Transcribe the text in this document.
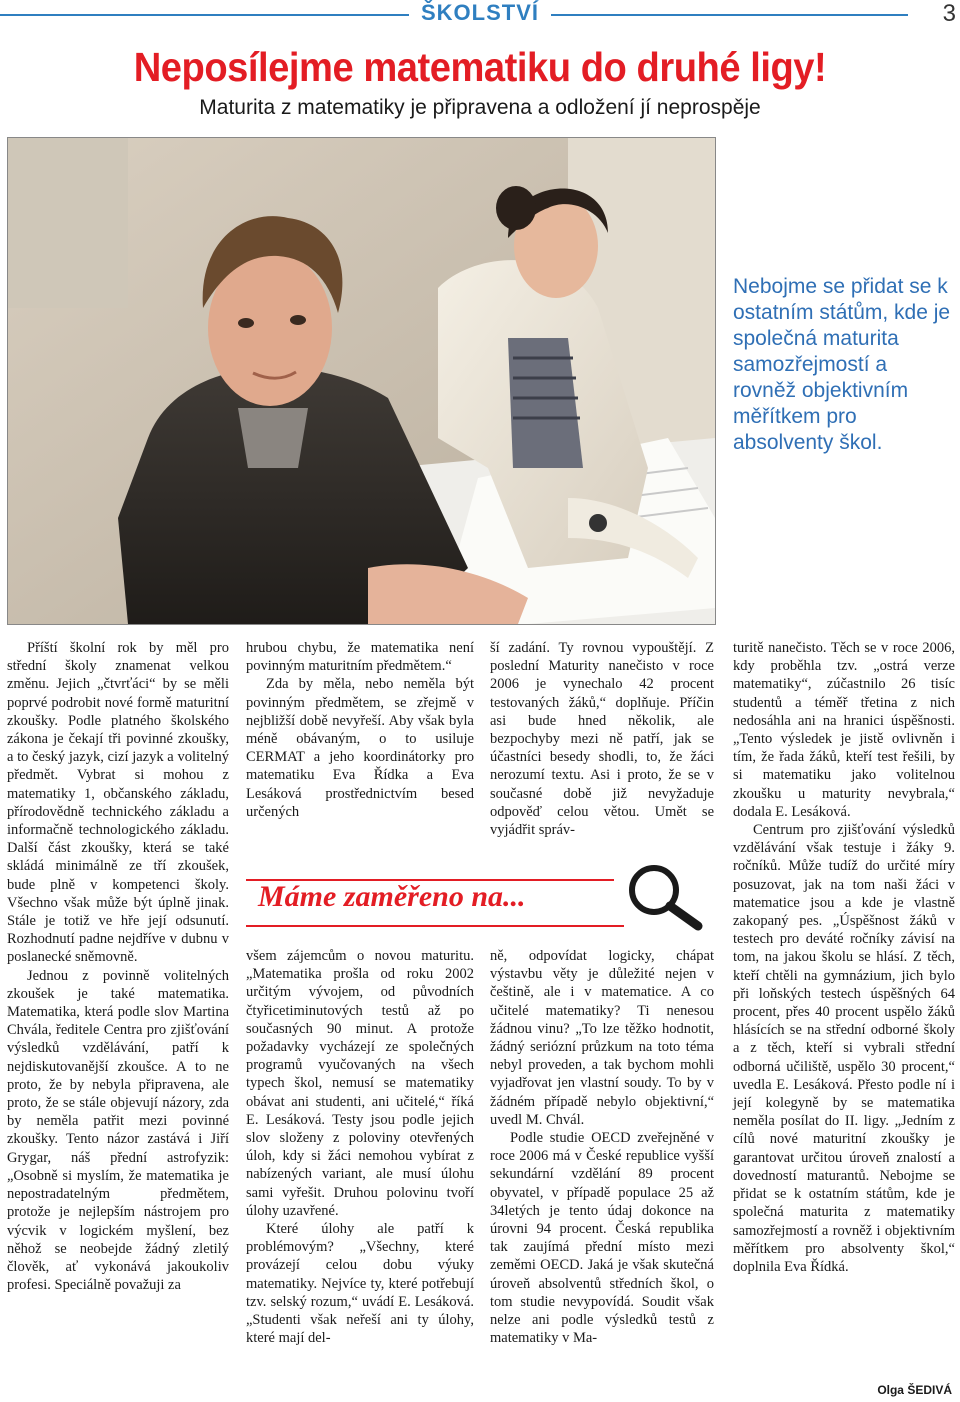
ŠKOLSTVÍ	3
Neposílejme matematiku do druhé ligy!
Maturita z matematiky je připravena a odložení jí neprospěje
Nebojme se přidat se k ostatním státům, kde je společná maturita samozřejmostí a rovněž objektivním měřítkem pro absolventy škol.

Příští školní rok by měl pro střední školy znamenat velkou změnu. Jejich „čtvrťáci“ by se měli poprvé podrobit nové formě maturitní zkoušky. Podle platného školského zákona je čekají tři povinné zkoušky, a to český jazyk, cizí jazyk a volitelný předmět. Vybrat si mohou z matematiky 1, občanského základu, přírodovědně technického základu a informačně technologického základu. Další část zkoušky, která se také skládá minimálně ze tří zkoušek, bude plně v kompetenci školy. Všechno však může být úplně jinak. Stále je totiž ve hře její odsunutí. Rozhodnutí padne nejdříve v dubnu v poslanecké sněmovně.

Jednou z povinně volitelných zkoušek je také matematika. Matematika, která podle slov Martina Chvála, ředitele Centra pro zjišťování výsledků vzdělávání, patří k nejdiskutovanější zkoušce. A to ne proto, že by nebyla připravena, ale proto, že se stále objevují názory, zda by neměla patřit mezi povinné zkoušky. Tento názor zastává i Jiří Grygar, náš přední astrofyzik: „Osobně si myslím, že matematika je nepostradatelným předmětem, protože je nejlepším nástrojem pro výcvik v logickém myšlení, bez něhož se neobejde žádný zletilý člověk, ať vykonává jakoukoliv profesi. Speciálně považuji za

hrubou chybu, že matematika není povinným maturitním předmětem.“

Zda by měla, nebo neměla být povinným předmětem, se zřejmě v nejbližší době nevyřeší. Aby však byla méně obávaným, o to usiluje CERMAT a jeho koordinátorky pro matematiku Eva Řídka a Eva Lesáková prostřednictvím besed určených

všem zájemcům o novou maturitu. „Matematika prošla od roku 2002 určitým vývojem, od původních čtyřicetiminutových testů až po současných 90 minut. A protože požadavky vycházejí ze společných programů vyučovaných na všech typech škol, nemusí se matematiky obávat ani studenti, ani učitelé,“ říká E. Lesáková. Testy jsou podle jejich slov složeny z poloviny otevřených úloh, kdy si žáci nemohou vybírat z nabízených variant, ale musí úlohu sami vyřešit. Druhou polovinu tvoří úlohy uzavřené.

Které úlohy ale patří k problémovým? „Všechny, které provázejí celou dobu výuky matematiky. Nejvíce ty, které potřebují tzv. selský rozum,“ uvádí E. Lesáková. „Studenti však neřeší ani ty úlohy, které mají del-

ší zadání. Ty rovnou vypouštějí. Z poslední Maturity nanečisto v roce 2006 je vynechalo 42 procent testovaných žáků,“ doplňuje. Příčin asi bude hned několik, ale bezpochyby mezi ně patří, jak se účastníci besedy shodli, to, že žáci nerozumí textu. Asi i proto, že se v současné době již nevyžaduje odpověď celou větou. Umět se vyjádřit správ-

ně, odpovídat logicky, chápat výstavbu věty je důležité nejen v češtině, ale i v matematice. A co učitelé matematiky? Ti nenesou žádnou vinu? „To lze těžko hodnotit, žádný seriózní průzkum na toto téma nebyl proveden, a tak bychom mohli vyjadřovat jen vlastní soudy. To by v žádném případě nebylo objektivní,“ uvedl M. Chvál.

Podle studie OECD zveřejněné v roce 2006 má v České republice vyšší sekundární vzdělání 89 procent obyvatel, v případě populace 25 až 34letých je tento údaj dokonce na úrovni 94 procent. Česká republika tak zaujímá přední místo mezi zeměmi OECD. Jaká je však skutečná úroveň absolventů středních škol, o tom studie nevypovídá. Soudit však nelze ani podle výsledků testů z matematiky v Ma-

turitě nanečisto. Těch se v roce 2006, kdy proběhla tzv. „ostrá verze matematiky“, zúčastnilo 26 tisíc studentů a téměř třetina z nich nedosáhla ani na hranici úspěšnosti. „Tento výsledek je jistě ovlivněn i tím, že řada žáků, kteří test řešili, by si matematiku jako volitelnou zkoušku u maturity nevybrala,“ dodala E. Lesáková.

Centrum pro zjišťování výsledků vzdělávání však testuje i žáky 9. ročníků. Může tudíž do určité míry posuzovat, jak na tom naši žáci v matematice jsou a kde je vlastně zakopaný pes. „Úspěšnost žáků v testech pro deváté ročníky závisí na tom, na jakou školu se hlásí. Z těch, kteří chtěli na gymnázium, jich bylo při loňských testech úspěšných 64 procent, přes 40 procent uspělo žáků hlásících se na střední odborné školy a z těch, kteří si vybrali střední odborná učiliště, uspělo 30 procent,“ uvedla E. Lesáková. Přesto podle ní i její kolegyně by se matematika neměla posílat do II. ligy. „Jedním z cílů nové maturitní zkoušky je garantovat určitou úroveň znalostí a dovedností maturantů. Nebojme se přidat se k ostatním státům, kde je společná maturita z matematiky samozřejmostí a rovněž i objektivním měřítkem pro absolventy škol,“ doplnila Eva Řídká.

Máme zaměřeno na...
Olga ŠEDIVÁ
